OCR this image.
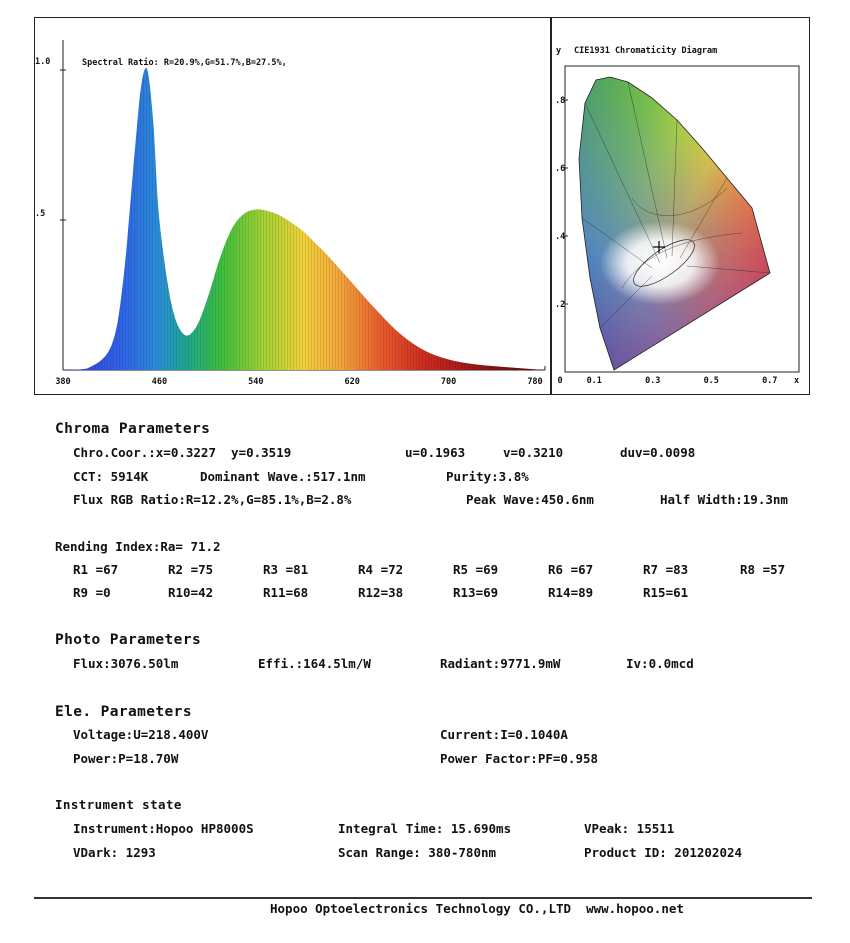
Spectral Ratio: R=20.9%,G=51.7%,B=27.5%,
1.0
.5
380	460	540	620	700	780
y CIE1931 Chromaticity Diagram
x
.8
.6
.4
.2
0	0.1	0.3	0.5	0.7
Chroma Parameters
Chro.Coor.:x=0.3227  y=0.3519	u=0.1963	v=0.3210	duv=0.0098
CCT: 5914K	Dominant Wave.:517.1nm	Purity:3.8%
Flux RGB Ratio:R=12.2%,G=85.1%,B=2.8%	Peak Wave:450.6nm	Half Width:19.3nm
Rending Index:Ra= 71.2
R1 =67	R2 =75	R3 =81	R4 =72	R5 =69	R6 =67	R7 =83	R8 =57
R9 =0	R10=42	R11=68	R12=38	R13=69	R14=89	R15=61
Photo Parameters
Flux:3076.50lm	Effi.:164.5lm/W	Radiant:9771.9mW	Iv:0.0mcd
Ele. Parameters
Voltage:U=218.400V	Current:I=0.1040A
Power:P=18.70W	Power Factor:PF=0.958
Instrument state
Instrument:Hopoo HP8000S	Integral Time: 15.690ms	VPeak: 15511
VDark: 1293	Scan Range: 380-780nm	Product ID: 201202024
Hopoo Optoelectronics Technology CO.,LTD  www.hopoo.net
